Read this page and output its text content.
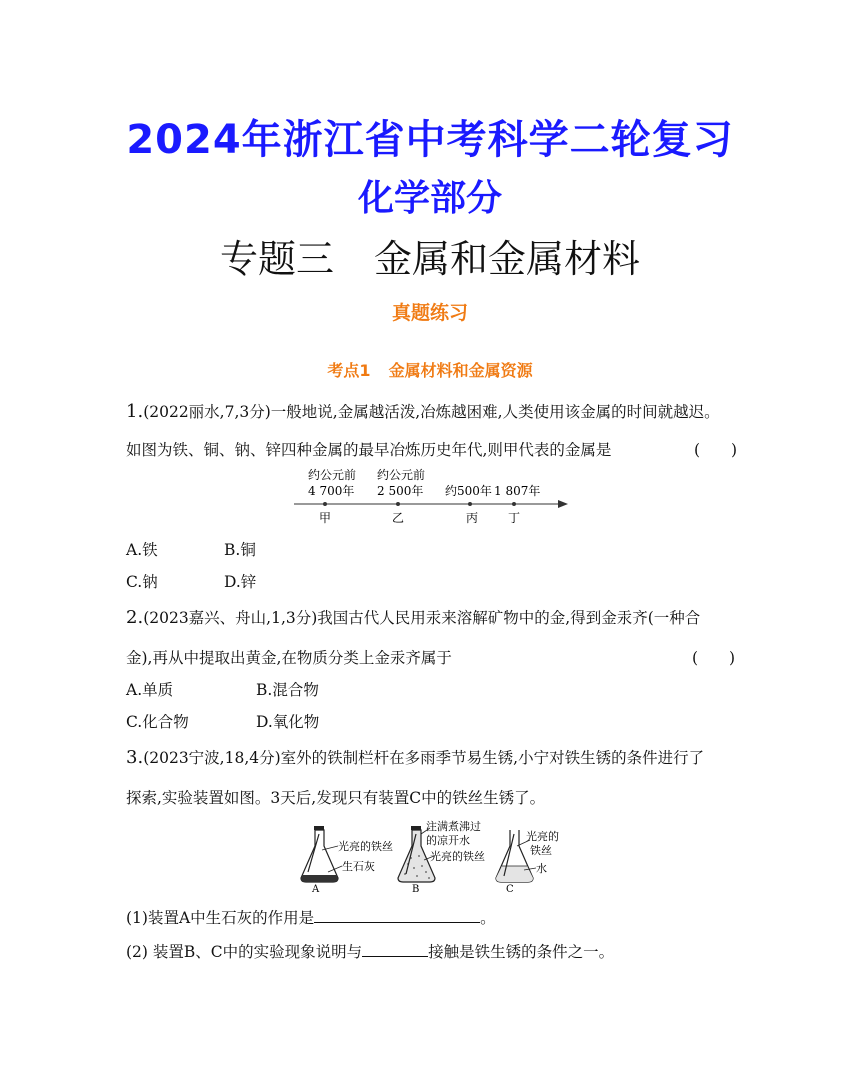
2024年浙江省中考科学二轮复习
化学部分
专题三 金属和金属材料
真题练习
考点1 金属材料和金属资源
1.(2022丽水,7,3分)一般地说,金属越活泼,冶炼越困难,人类使用该金属的时间就越迟。
如图为铁、铜、钠、锌四种金属的最早冶炼历史年代,则甲代表的金属是	(　　)
约公元前
4 700年
约公元前
2 500年 约500年 1 807年
甲	乙	丙 丁
A.铁	B.铜
C.钠	D.锌
2.(2023嘉兴、舟山,1,3分)我国古代人民用汞来溶解矿物中的金,得到金汞齐(一种合
金),再从中提取出黄金,在物质分类上金汞齐属于	(　　)
A.单质	B.混合物
C.化合物	D.氧化物
3.(2023宁波,18,4分)室外的铁制栏杆在多雨季节易生锈,小宁对铁生锈的条件进行了
探索,实验装置如图。3天后,发现只有装置C中的铁丝生锈了。
光亮的铁丝
生石灰
A
注满煮沸过
的凉开水
光亮的铁丝
B
光亮的
铁丝
水
C
(1)装置A中生石灰的作用是	。
(2) 装置B、C中的实验现象说明与	接触是铁生锈的条件之一。
